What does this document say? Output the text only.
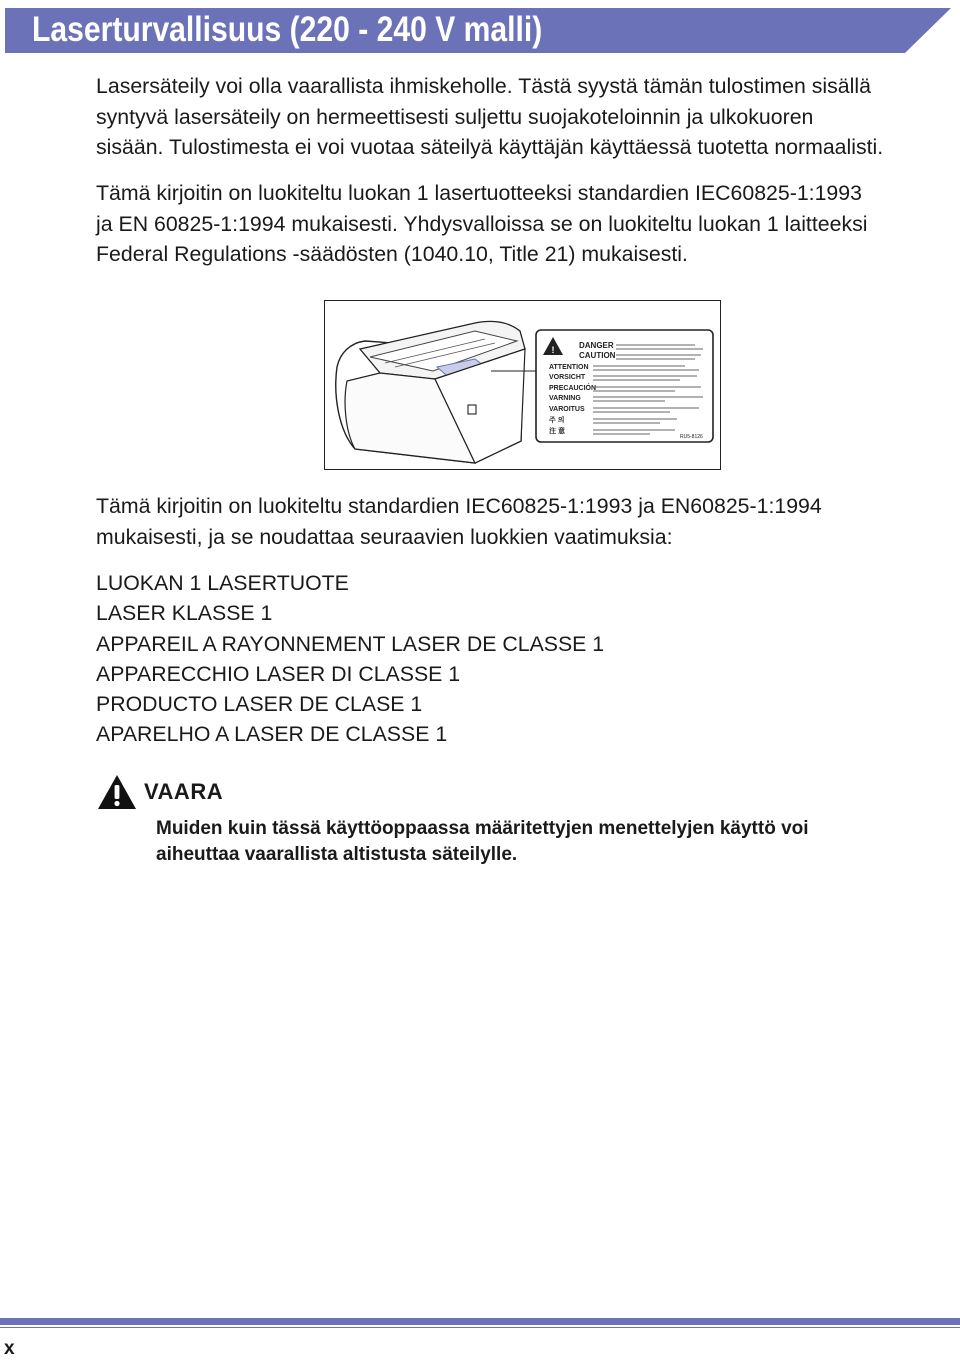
Laserturvallisuus (220 - 240 V malli)
Lasersäteily voi olla vaarallista ihmiskeholle. Tästä syystä tämän tulostimen sisällä
syntyvä lasersäteily on hermeettisesti suljettu suojakoteloinnin ja ulkokuoren
sisään. Tulostimesta ei voi vuotaa säteilyä käyttäjän käyttäessä tuotetta normaalisti.
Tämä kirjoitin on luokiteltu luokan 1 lasertuotteeksi standardien IEC60825-1:1993
ja EN 60825-1:1994 mukaisesti. Yhdysvalloissa se on luokiteltu luokan 1 laitteeksi
Federal Regulations -säädösten (1040.10, Title 21) mukaisesti.
!	DANGER
CAUTION
ATTENTION
VORSICHT
PRECAUCIÓN
VARNING
VAROITUS
주 의
注 意
RU5-8126
Tämä kirjoitin on luokiteltu standardien IEC60825-1:1993 ja EN60825-1:1994
mukaisesti, ja se noudattaa seuraavien luokkien vaatimuksia:
LUOKAN 1 LASERTUOTE
LASER KLASSE 1
APPAREIL A RAYONNEMENT LASER DE CLASSE 1
APPARECCHIO LASER DI CLASSE 1
PRODUCTO LASER DE CLASE 1
APARELHO A LASER DE CLASSE 1
VAARA
Muiden kuin tässä käyttöoppaassa määritettyjen menettelyjen käyttö voi
aiheuttaa vaarallista altistusta säteilylle.
x
